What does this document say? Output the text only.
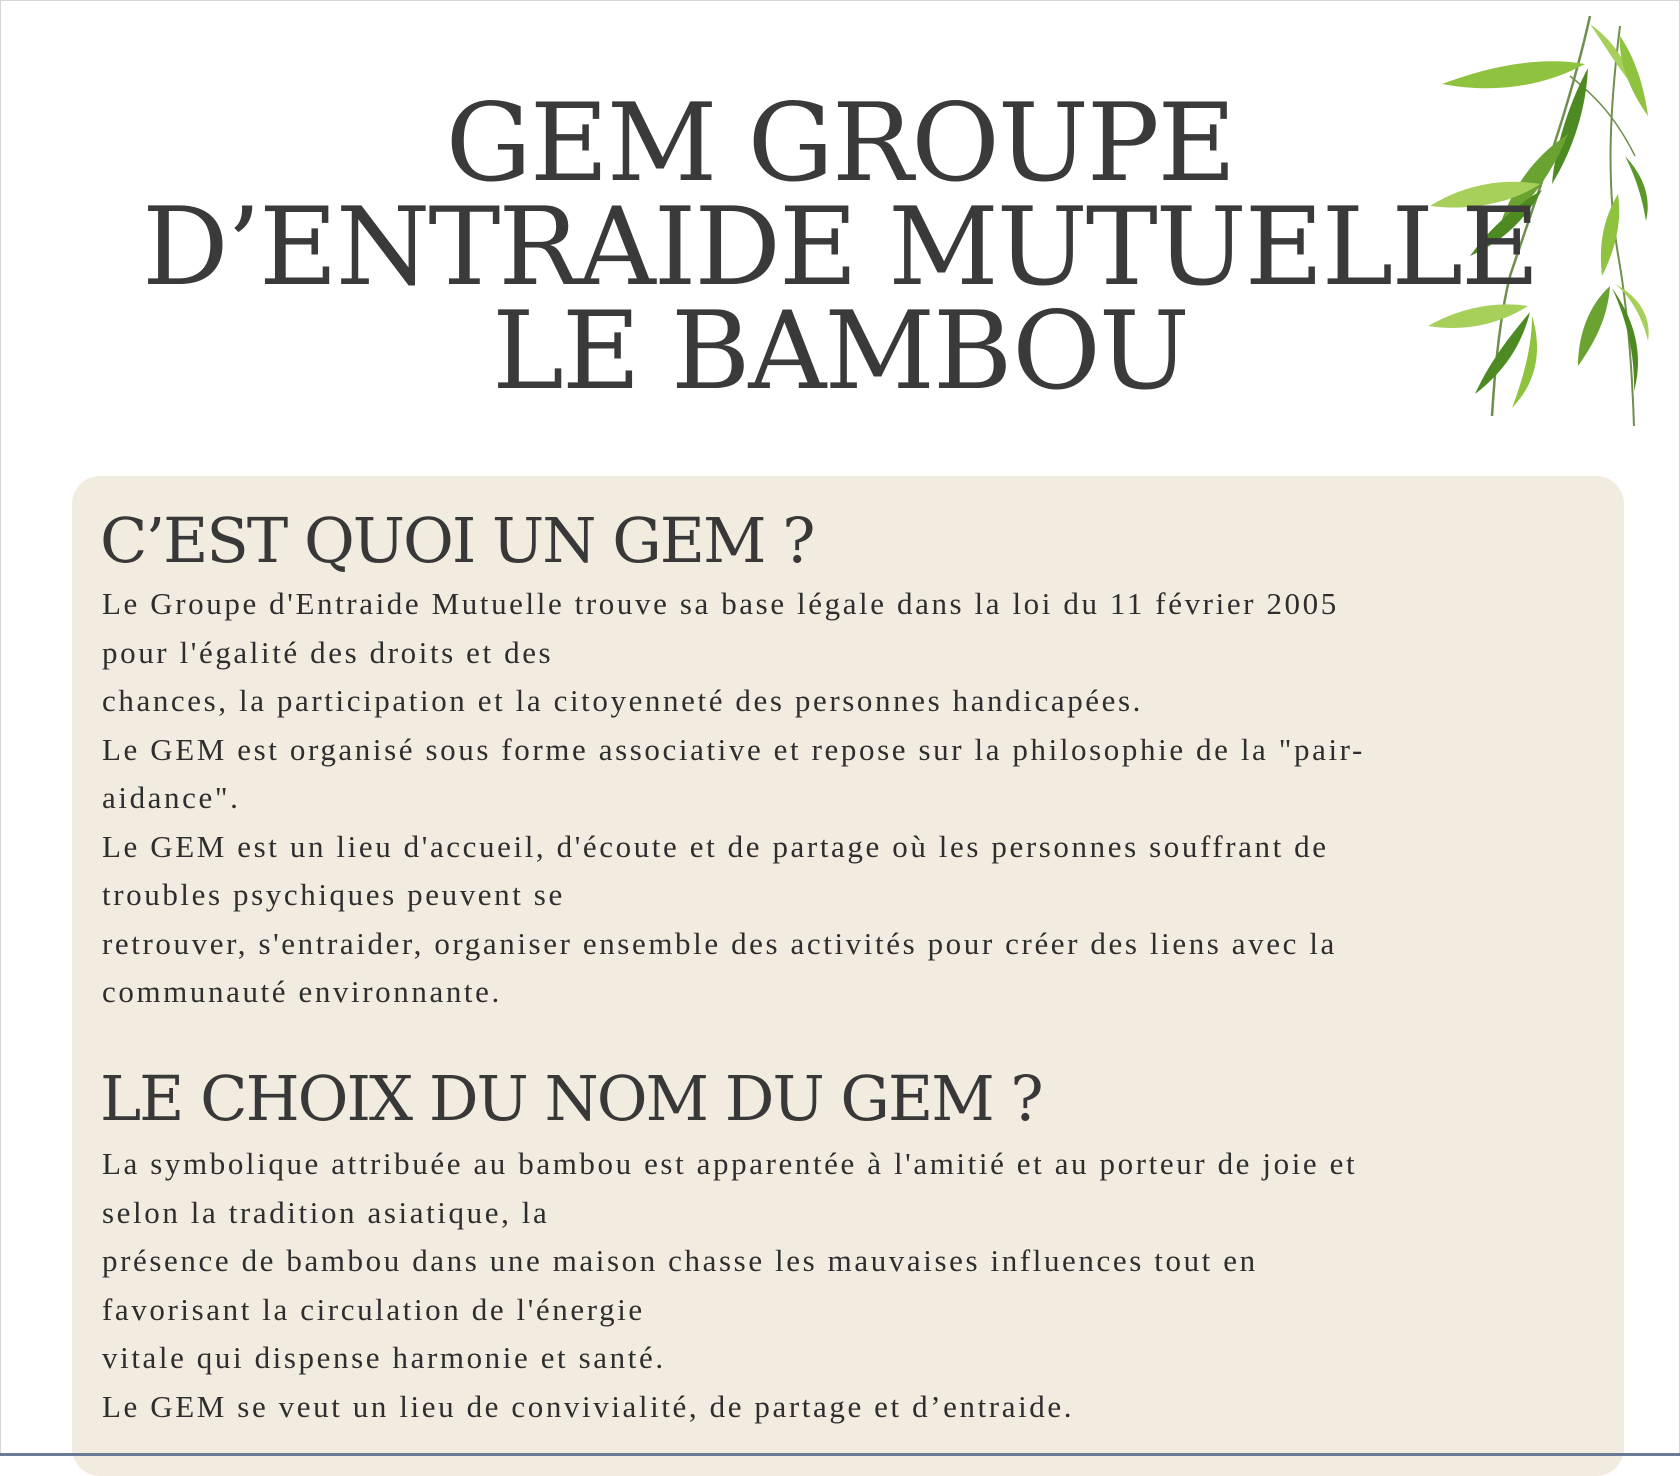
GEM GROUPE
D’ENTRAIDE MUTUELLE
LE BAMBOU
C’EST QUOI UN GEM ?
Le Groupe d'Entraide Mutuelle trouve sa base légale dans la loi du 11 février 2005
pour l'égalité des droits et des
chances, la participation et la citoyenneté des personnes handicapées.
Le GEM est organisé sous forme associative et repose sur la philosophie de la "pair-
aidance".
Le GEM est un lieu d'accueil, d'écoute et de partage où les personnes souffrant de
troubles psychiques peuvent se
retrouver, s'entraider, organiser ensemble des activités pour créer des liens avec la
communauté environnante.
LE CHOIX DU NOM DU GEM ?
La symbolique attribuée au bambou est apparentée à l'amitié et au porteur de joie et
selon la tradition asiatique, la
présence de bambou dans une maison chasse les mauvaises influences tout en
favorisant la circulation de l'énergie
vitale qui dispense harmonie et santé.
Le GEM se veut un lieu de convivialité, de partage et d’entraide.
